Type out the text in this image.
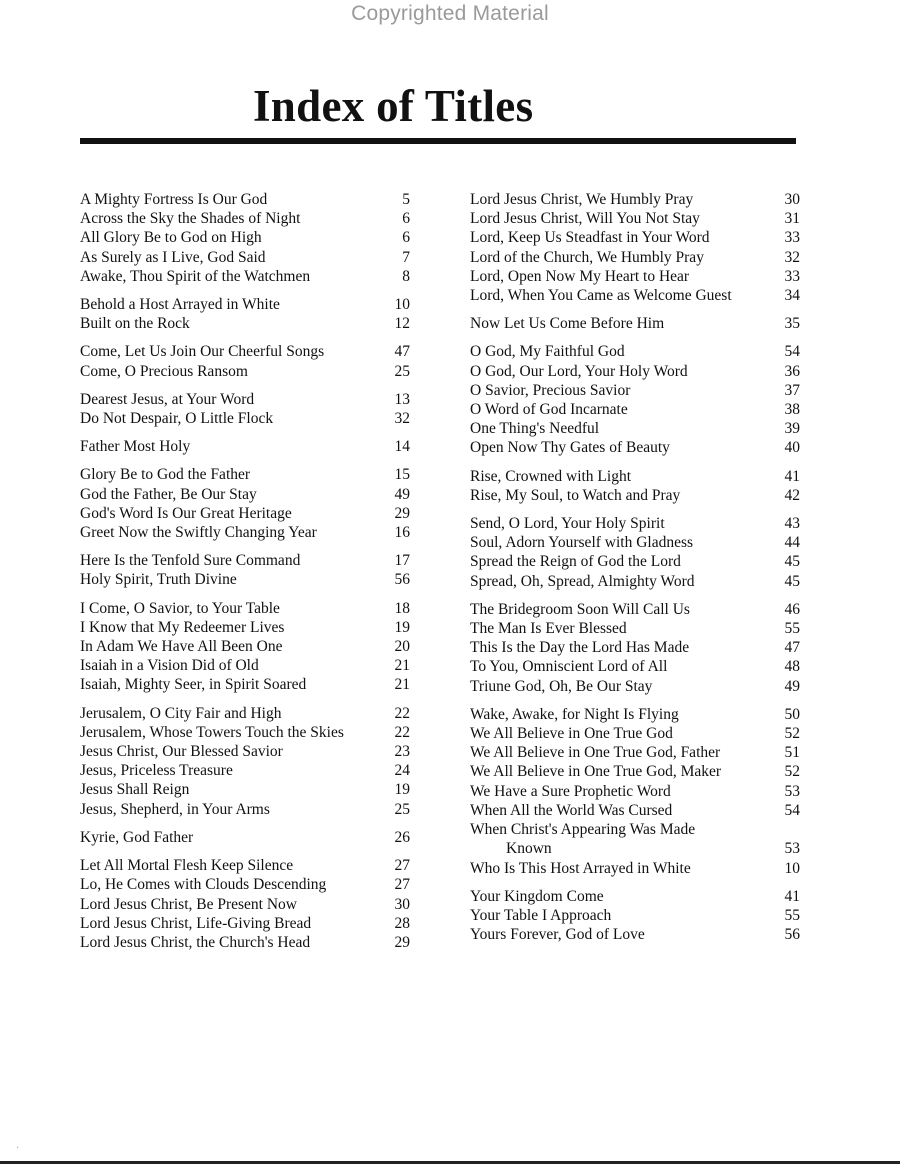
Copyrighted Material
Index of Titles
A Mighty Fortress Is Our God	5
Across the Sky the Shades of Night	6
All Glory Be to God on High	6
As Surely as I Live, God Said	7
Awake, Thou Spirit of the Watchmen	8
Behold a Host Arrayed in White	10
Built on the Rock	12
Come, Let Us Join Our Cheerful Songs	47
Come, O Precious Ransom	25
Dearest Jesus, at Your Word	13
Do Not Despair, O Little Flock	32
Father Most Holy	14
Glory Be to God the Father	15
God the Father, Be Our Stay	49
God's Word Is Our Great Heritage	29
Greet Now the Swiftly Changing Year	16
Here Is the Tenfold Sure Command	17
Holy Spirit, Truth Divine	56
I Come, O Savior, to Your Table	18
I Know that My Redeemer Lives	19
In Adam We Have All Been One	20
Isaiah in a Vision Did of Old	21
Isaiah, Mighty Seer, in Spirit Soared	21
Jerusalem, O City Fair and High	22
Jerusalem, Whose Towers Touch the Skies	22
Jesus Christ, Our Blessed Savior	23
Jesus, Priceless Treasure	24
Jesus Shall Reign	19
Jesus, Shepherd, in Your Arms	25
Kyrie, God Father	26
Let All Mortal Flesh Keep Silence	27
Lo, He Comes with Clouds Descending	27
Lord Jesus Christ, Be Present Now	30
Lord Jesus Christ, Life-Giving Bread	28
Lord Jesus Christ, the Church's Head	29
Lord Jesus Christ, We Humbly Pray	30
Lord Jesus Christ, Will You Not Stay	31
Lord, Keep Us Steadfast in Your Word	33
Lord of the Church, We Humbly Pray	32
Lord, Open Now My Heart to Hear	33
Lord, When You Came as Welcome Guest	34
Now Let Us Come Before Him	35
O God, My Faithful God	54
O God, Our Lord, Your Holy Word	36
O Savior, Precious Savior	37
O Word of God Incarnate	38
One Thing's Needful	39
Open Now Thy Gates of Beauty	40
Rise, Crowned with Light	41
Rise, My Soul, to Watch and Pray	42
Send, O Lord, Your Holy Spirit	43
Soul, Adorn Yourself with Gladness	44
Spread the Reign of God the Lord	45
Spread, Oh, Spread, Almighty Word	45
The Bridegroom Soon Will Call Us	46
The Man Is Ever Blessed	55
This Is the Day the Lord Has Made	47
To You, Omniscient Lord of All	48
Triune God, Oh, Be Our Stay	49
Wake, Awake, for Night Is Flying	50
We All Believe in One True God	52
We All Believe in One True God, Father	51
We All Believe in One True God, Maker	52
We Have a Sure Prophetic Word	53
When All the World Was Cursed	54
When Christ's Appearing Was Made
Known	53
Who Is This Host Arrayed in White	10
Your Kingdom Come	41
Your Table I Approach	55
Yours Forever, God of Love	56
·
